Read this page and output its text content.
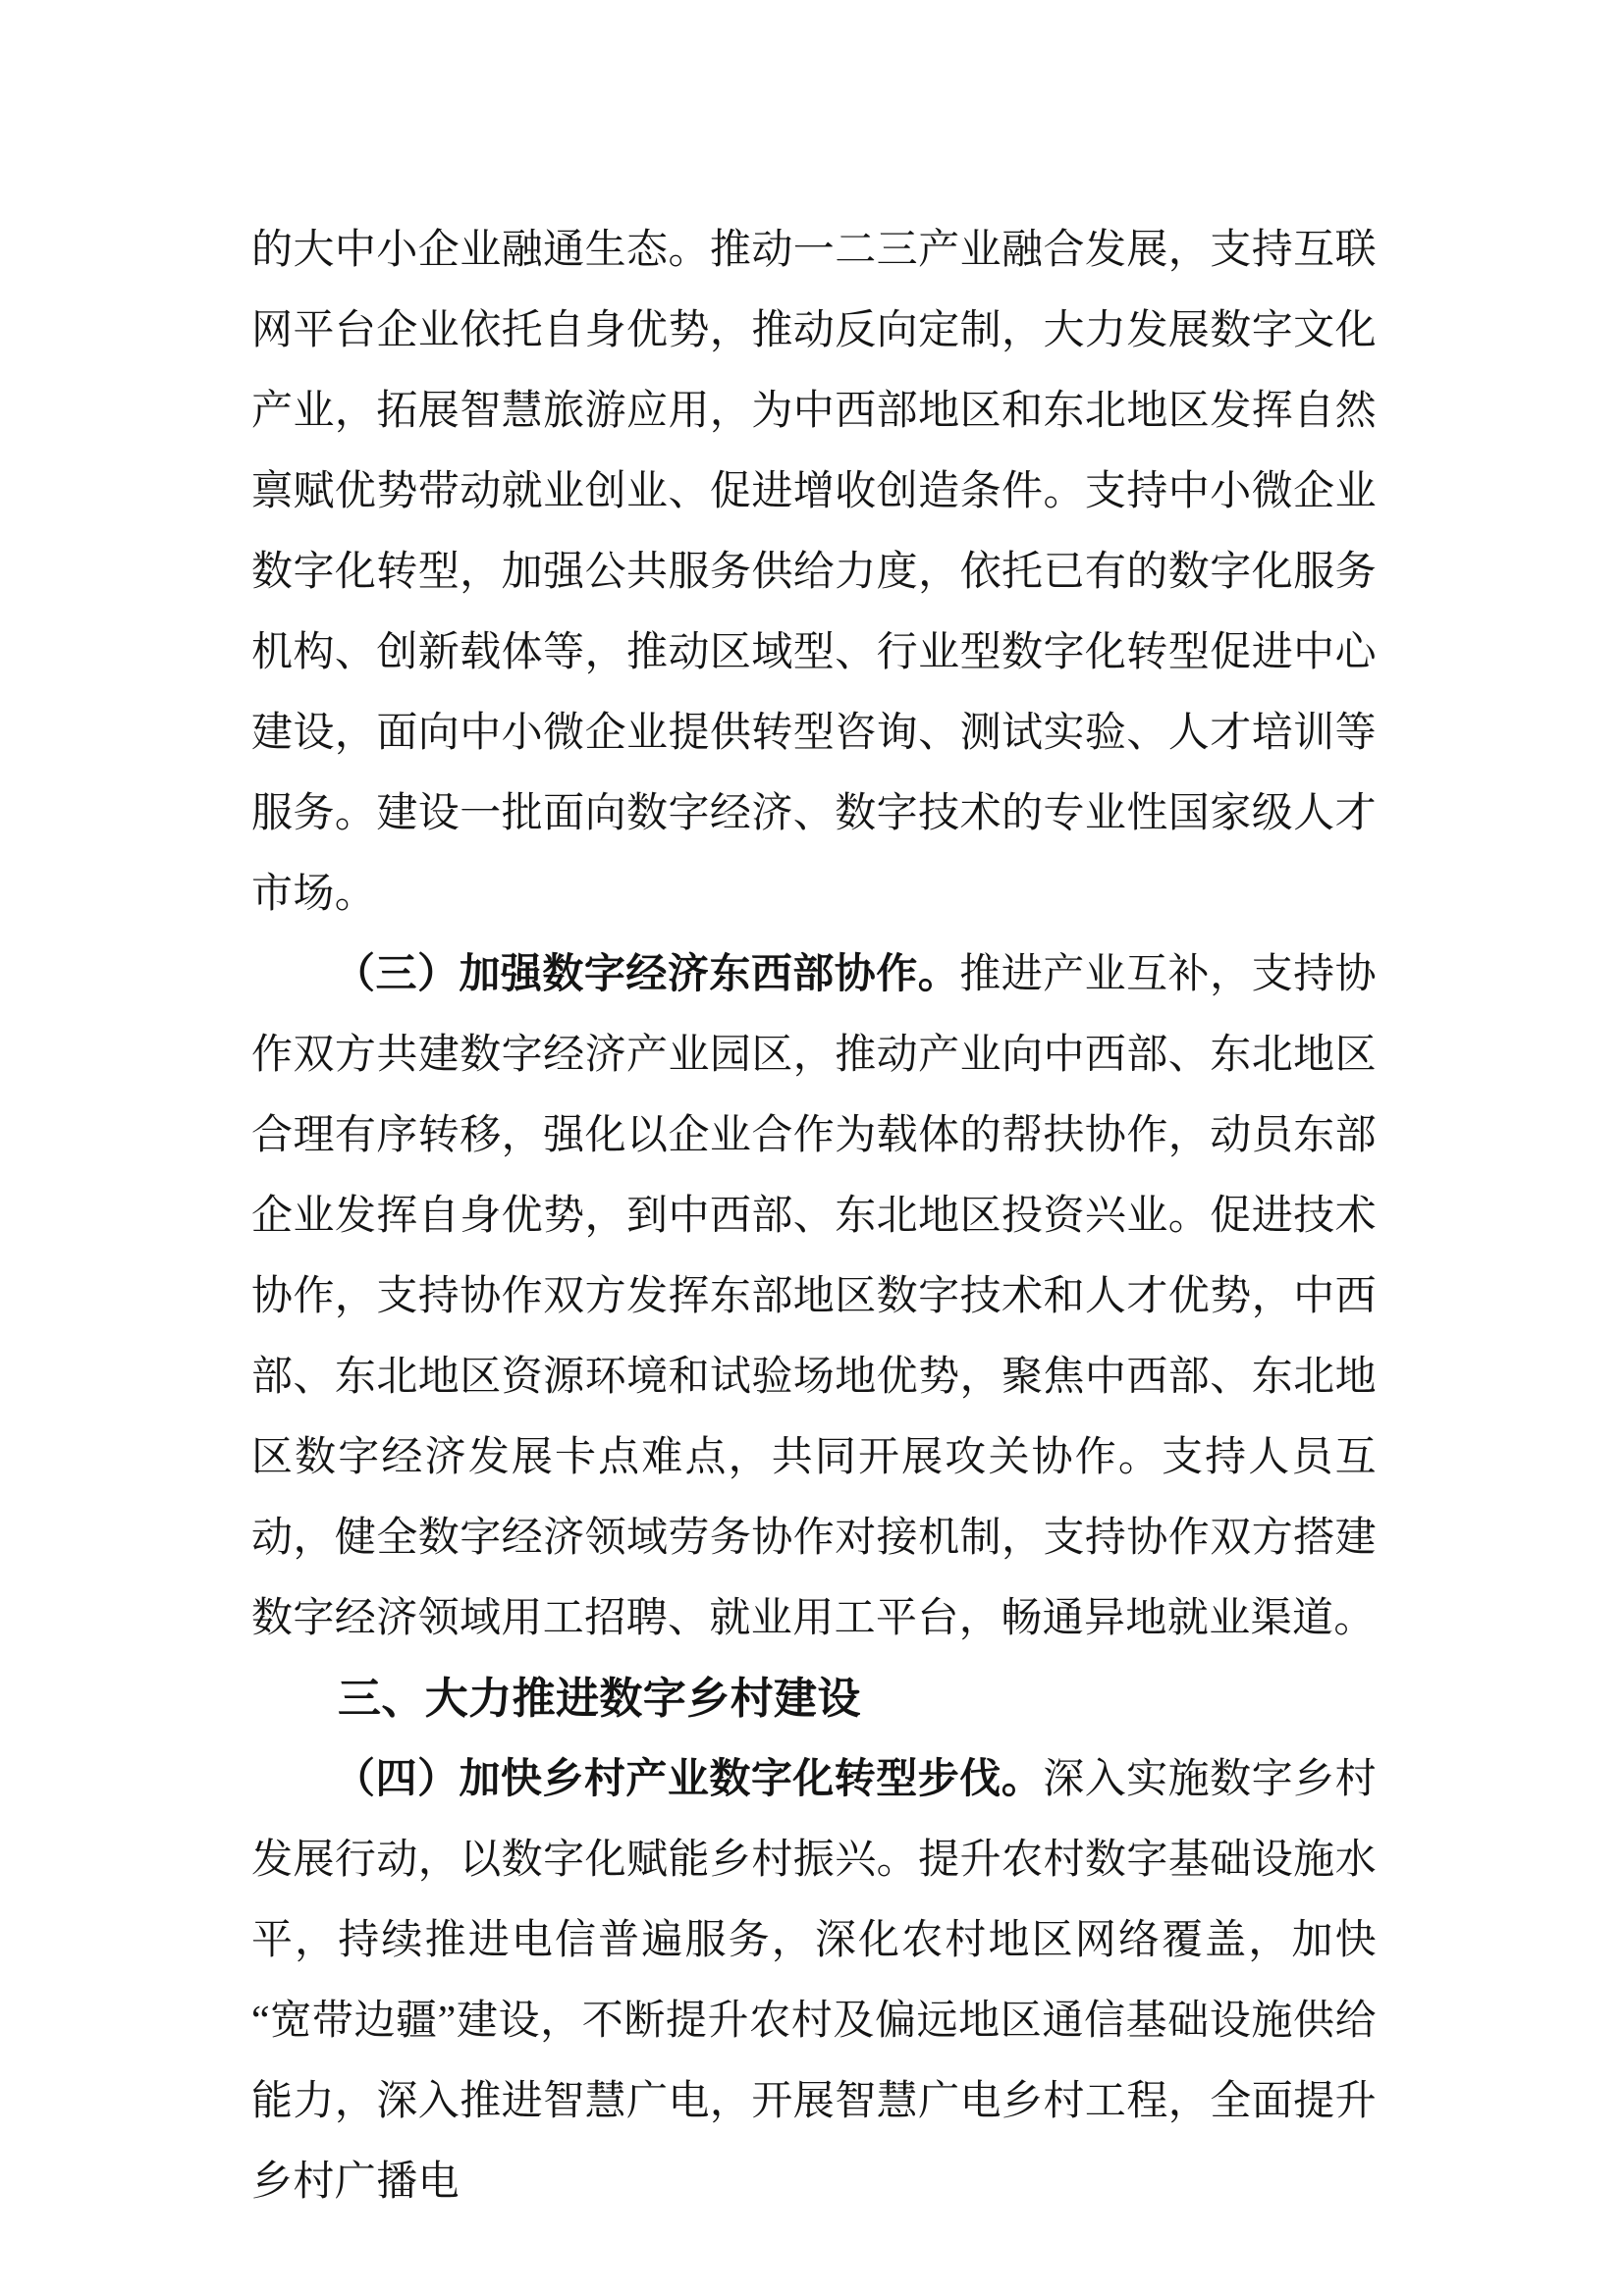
的大中小企业融通生态。推动一二三产业融合发展，支持互联网平台企业依托自身优势，推动反向定制，大力发展数字文化产业，拓展智慧旅游应用，为中西部地区和东北地区发挥自然禀赋优势带动就业创业、促进增收创造条件。支持中小微企业数字化转型，加强公共服务供给力度，依托已有的数字化服务机构、创新载体等，推动区域型、行业型数字化转型促进中心建设，面向中小微企业提供转型咨询、测试实验、人才培训等服务。建设一批面向数字经济、数字技术的专业性国家级人才市场。

（三）加强数字经济东西部协作。推进产业互补，支持协作双方共建数字经济产业园区，推动产业向中西部、东北地区合理有序转移，强化以企业合作为载体的帮扶协作，动员东部企业发挥自身优势，到中西部、东北地区投资兴业。促进技术协作，支持协作双方发挥东部地区数字技术和人才优势，中西部、东北地区资源环境和试验场地优势，聚焦中西部、东北地区数字经济发展卡点难点，共同开展攻关协作。支持人员互动，健全数字经济领域劳务协作对接机制，支持协作双方搭建数字经济领域用工招聘、就业用工平台，畅通异地就业渠道。

三、大力推进数字乡村建设

（四）加快乡村产业数字化转型步伐。深入实施数字乡村发展行动，以数字化赋能乡村振兴。提升农村数字基础设施水平，持续推进电信普遍服务，深化农村地区网络覆盖，加快“宽带边疆”建设，不断提升农村及偏远地区通信基础设施供给能力，深入推进智慧广电，开展智慧广电乡村工程，全面提升乡村广播电
